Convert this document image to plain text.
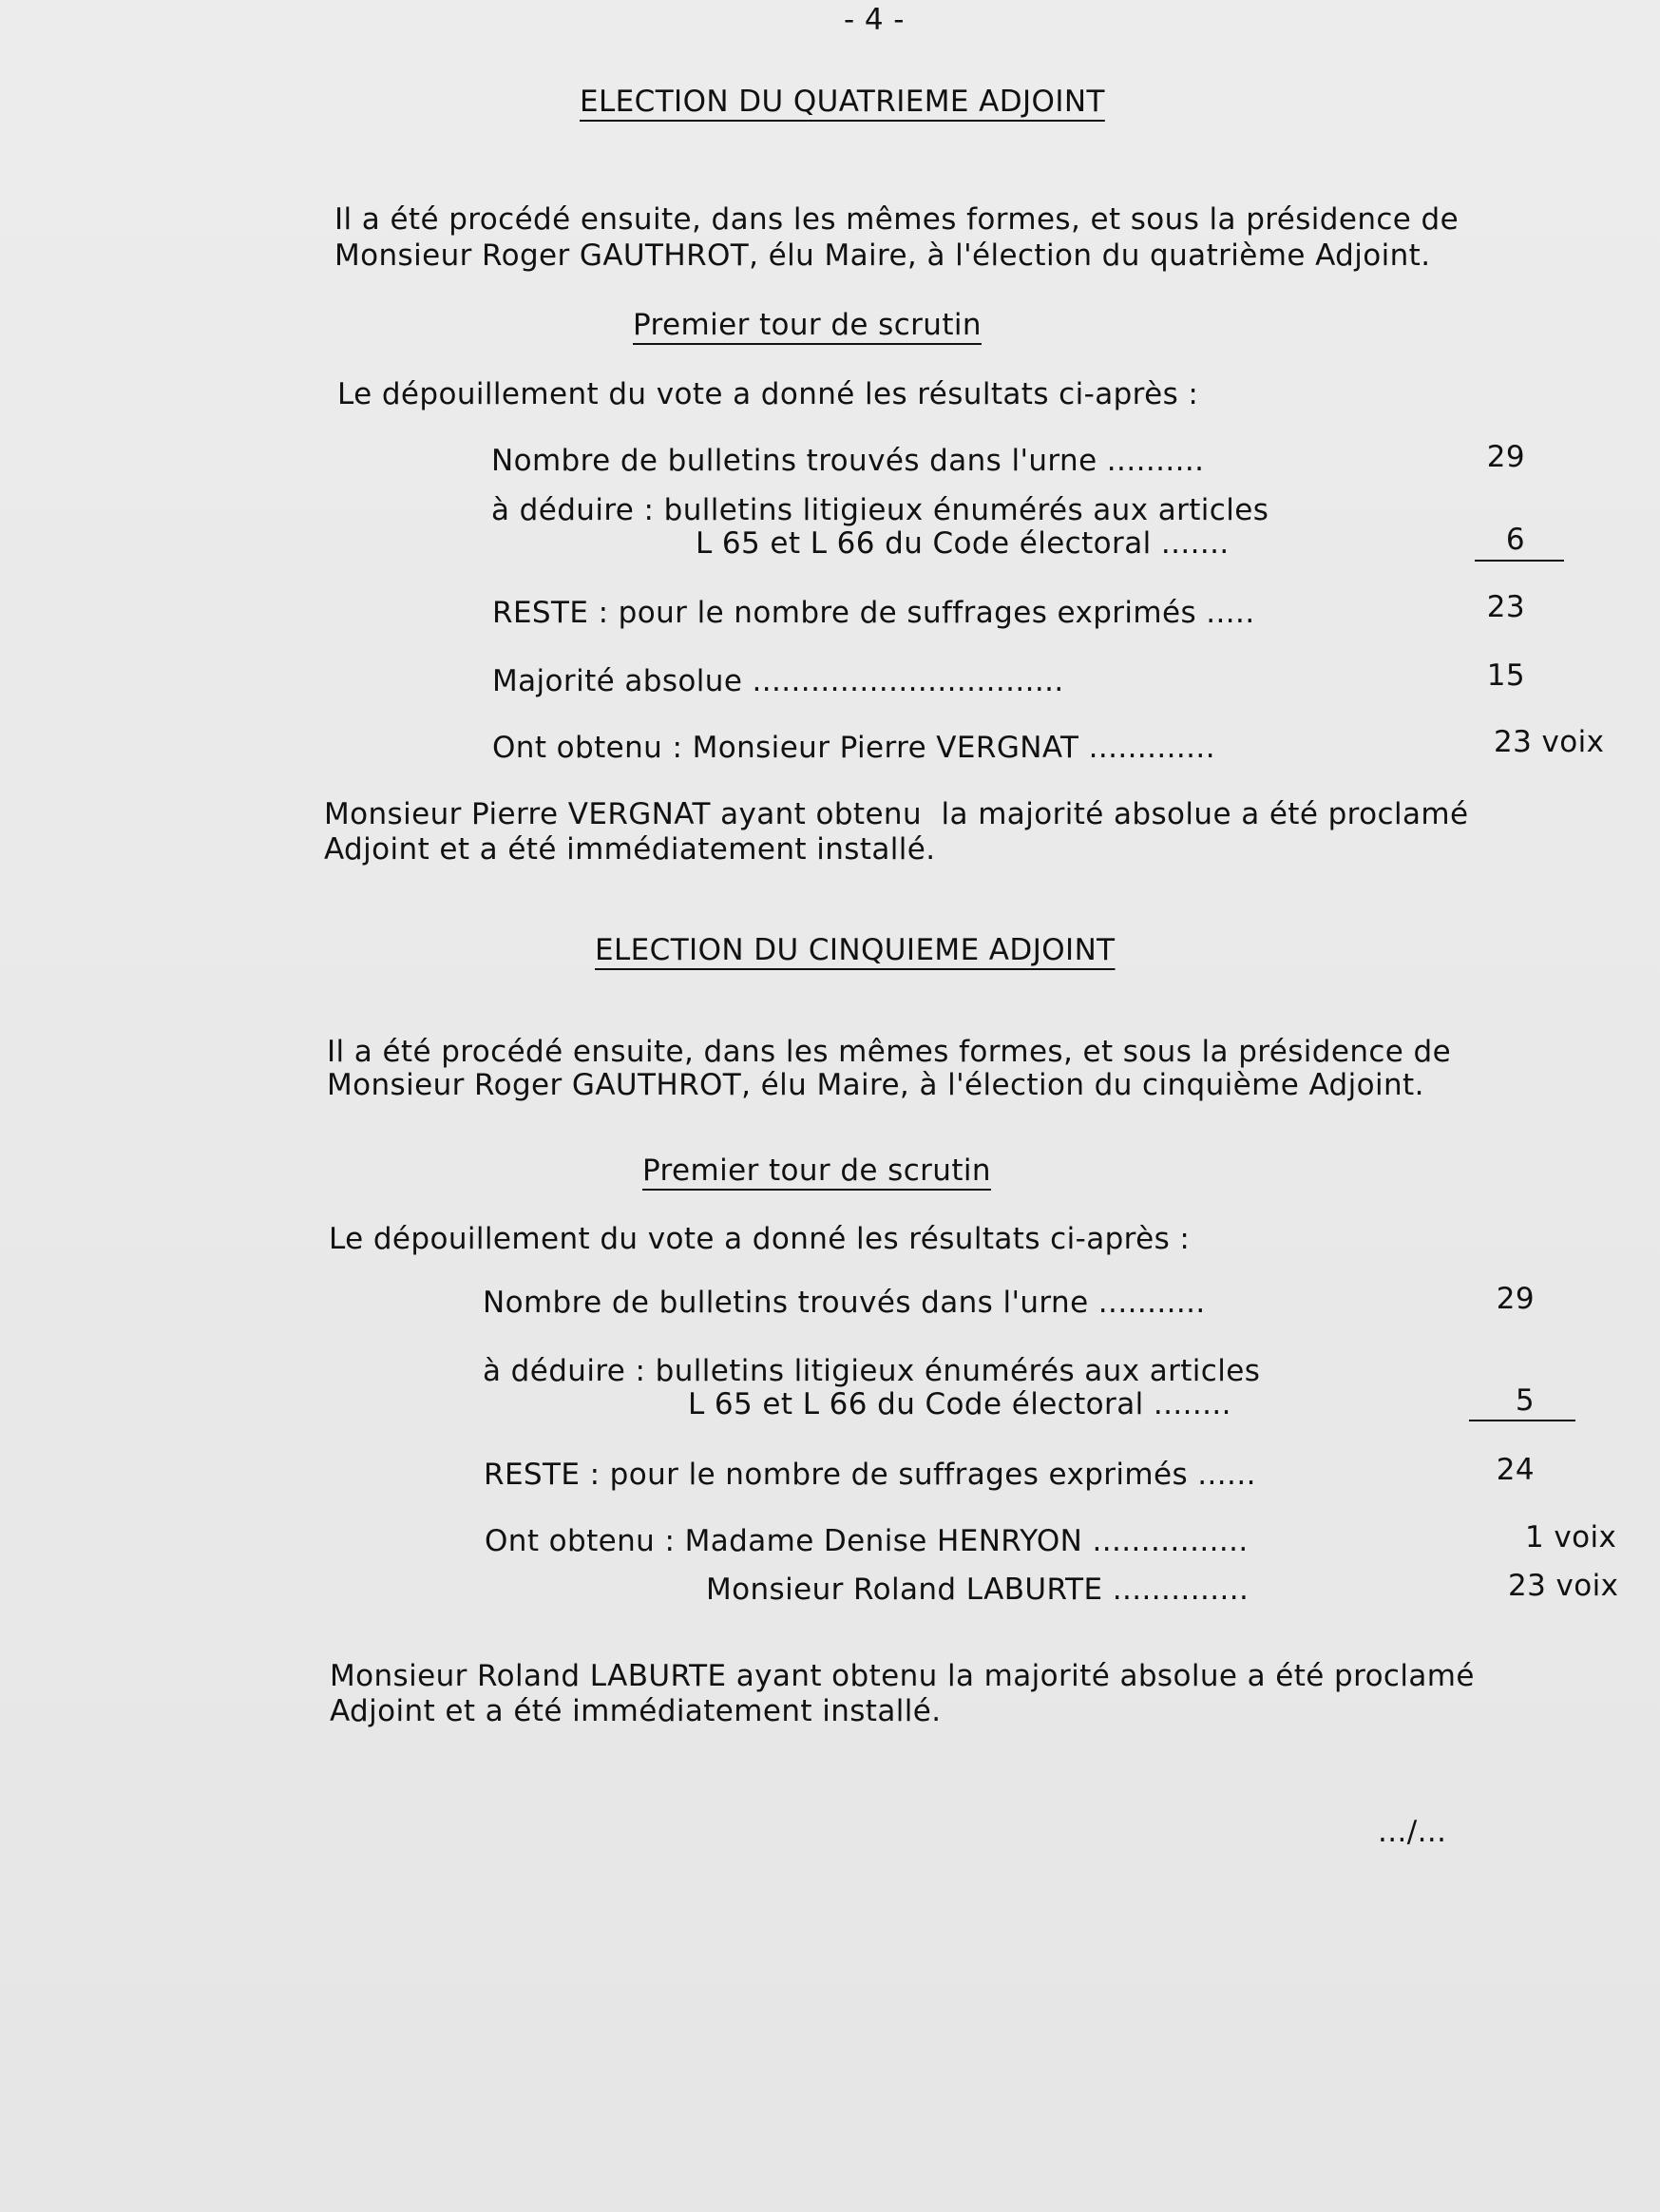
- 4 -
ELECTION DU QUATRIEME ADJOINT
Il a été procédé ensuite, dans les mêmes formes, et sous la présidence de
Monsieur Roger GAUTHROT, élu Maire, à l'élection du quatrième Adjoint.
Premier tour de scrutin
Le dépouillement du vote a donné les résultats ci-après :
Nombre de bulletins trouvés dans l'urne ..........	29
à déduire : bulletins litigieux énumérés aux articles
L 65 et L 66 du Code électoral .......	6
RESTE : pour le nombre de suffrages exprimés .....	23
Majorité absolue ................................	15
Ont obtenu : Monsieur Pierre VERGNAT .............	23 voix
Monsieur Pierre VERGNAT ayant obtenu  la majorité absolue a été proclamé
Adjoint et a été immédiatement installé.
ELECTION DU CINQUIEME ADJOINT
Il a été procédé ensuite, dans les mêmes formes, et sous la présidence de
Monsieur Roger GAUTHROT, élu Maire, à l'élection du cinquième Adjoint.
Premier tour de scrutin
Le dépouillement du vote a donné les résultats ci-après :
Nombre de bulletins trouvés dans l'urne ...........	29
à déduire : bulletins litigieux énumérés aux articles
L 65 et L 66 du Code électoral ........	5
RESTE : pour le nombre de suffrages exprimés ......	24
Ont obtenu : Madame Denise HENRYON ................	1 voix
Monsieur Roland LABURTE ..............	23 voix
Monsieur Roland LABURTE ayant obtenu la majorité absolue a été proclamé
Adjoint et a été immédiatement installé.
.../...
